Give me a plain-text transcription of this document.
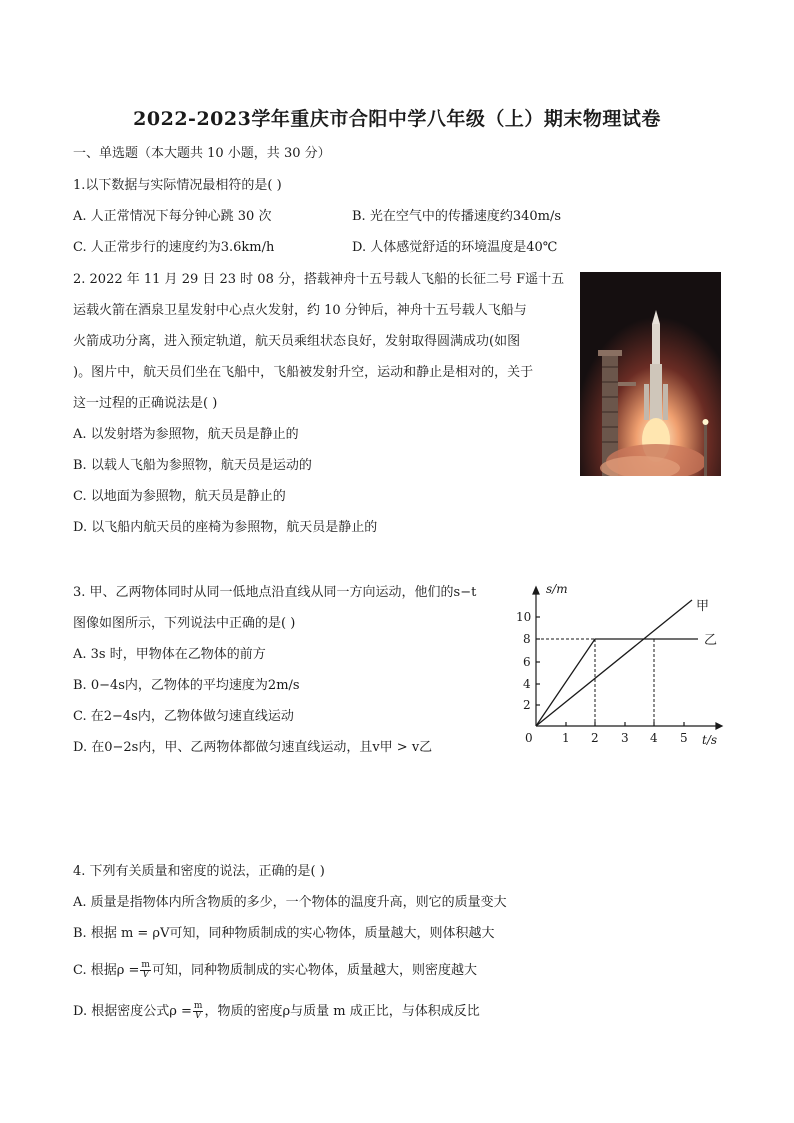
2022-2023学年重庆市合阳中学八年级（上）期末物理试卷
一、单选题（本大题共 10 小题，共 30 分）
1.以下数据与实际情况最相符的是( )
A. 人正常情况下每分钟心跳 30 次	B. 光在空气中的传播速度约340m/s
C. 人正常步行的速度约为3.6km/h	D. 人体感觉舒适的环境温度是40℃
2. 2022 年 11 月 29 日 23 时 08 分，搭载神舟十五号载人飞船的长征二号 F遥十五
运载火箭在酒泉卫星发射中心点火发射，约 10 分钟后，神舟十五号载人飞船与
火箭成功分离，进入预定轨道，航天员乘组状态良好，发射取得圆满成功(如图
)。图片中，航天员们坐在飞船中，飞船被发射升空，运动和静止是相对的，关于
这一过程的正确说法是( )
A. 以发射塔为参照物，航天员是静止的
B. 以载人飞船为参照物，航天员是运动的
C. 以地面为参照物，航天员是静止的
D. 以飞船内航天员的座椅为参照物，航天员是静止的
3. 甲、乙两物体同时从同一低地点沿直线从同一方向运动，他们的s−t
图像如图所示，下列说法中正确的是( )
A. 3s 时，甲物体在乙物体的前方
B. 0−4s内，乙物体的平均速度为2m/s
C. 在2−4s内，乙物体做匀速直线运动
D. 在0−2s内，甲、乙两物体都做匀速直线运动，且v甲 > v乙
s/m
t/s
0 1 2 3 4 5
2
4
6
8
10
甲
乙
4. 下列有关质量和密度的说法，正确的是( )
A. 质量是指物体内所含物质的多少，一个物体的温度升高，则它的质量变大
B. 根据 m = ρV可知，同种物质制成的实心物体，质量越大，则体积越大
C. 根据$\rho = \frac{m}{V}$ 可知，同种物质制成的实心物体，质量越大，则密度越大
D. 根据密度公式$\rho = \frac{m}{V}$ ，物质的密度ρ与质量 m 成正比，与体积成反比
